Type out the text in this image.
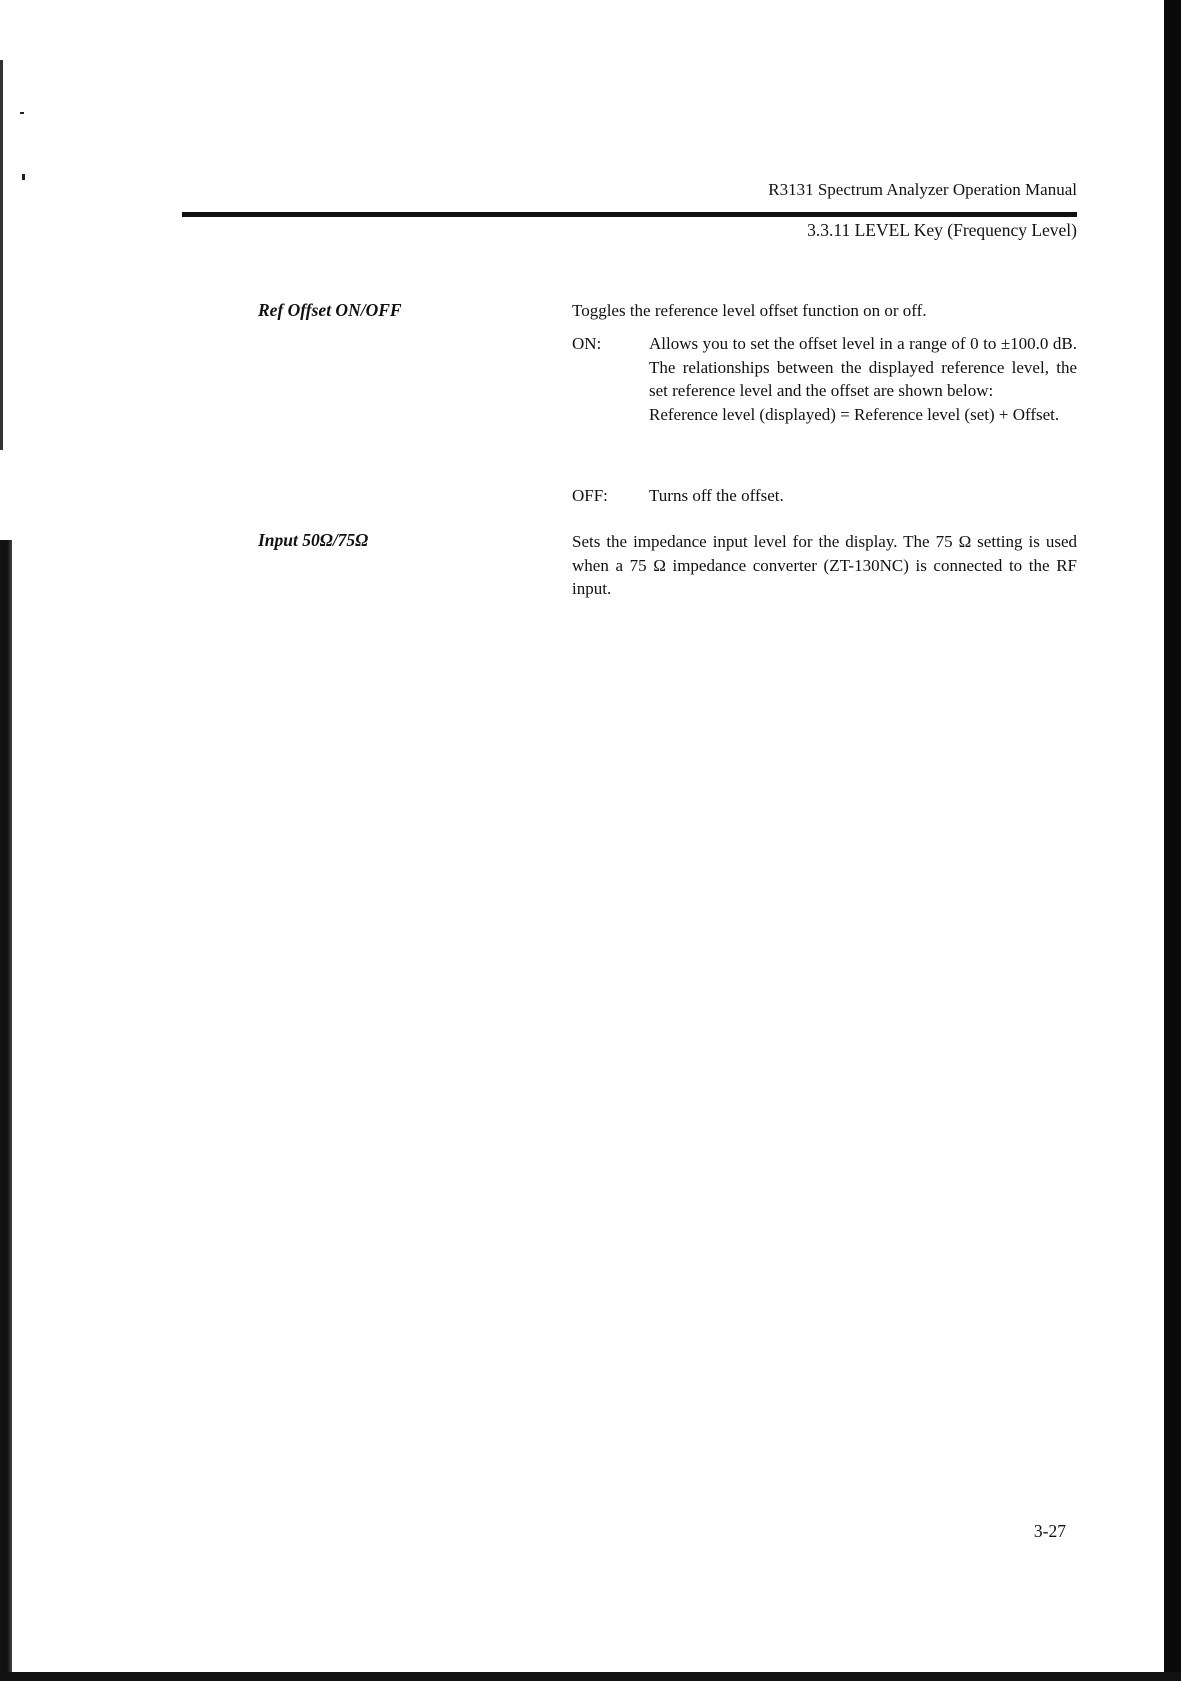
R3131 Spectrum Analyzer Operation Manual
3.3.11 LEVEL Key (Frequency Level)
Ref Offset ON/OFF	Toggles the reference level offset function on or off.
ON:	Allows you to set the offset level in a range of 0 to ±100.0 dB. The relationships between the displayed reference level, the set reference level and the offset are shown below:
Reference level (displayed) = Reference level (set) + Offset.
OFF: Turns off the offset.
Input 50Ω/75Ω	Sets the impedance input level for the display. The 75 Ω setting is used when a 75 Ω impedance converter (ZT-130NC) is connected to the RF input.
3-27
